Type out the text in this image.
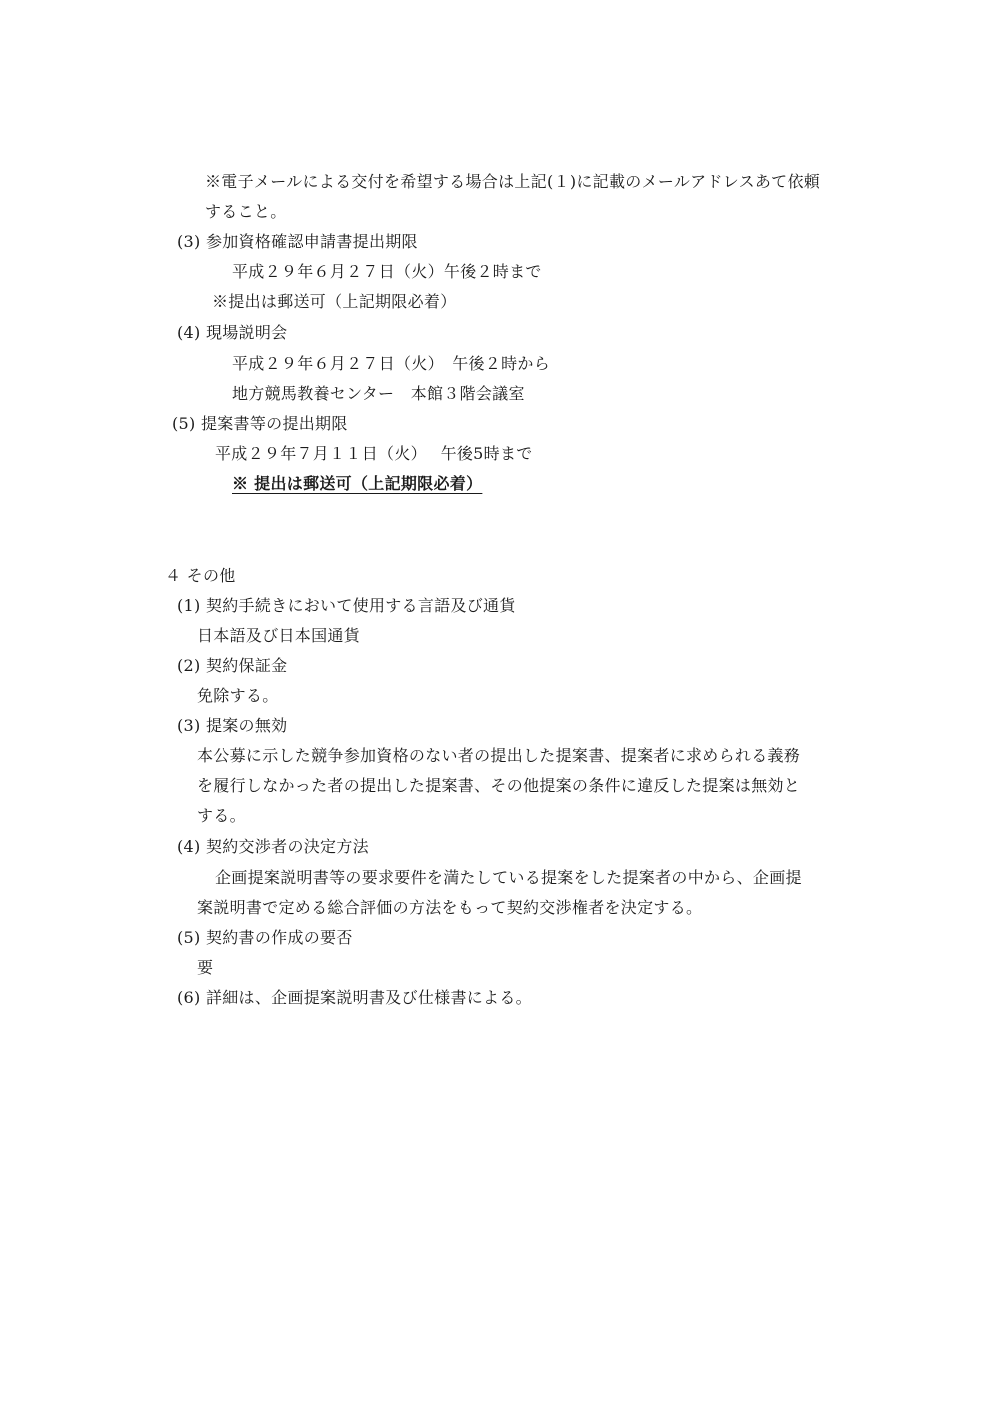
※電子メールによる交付を希望する場合は上記(１)に記載のメールアドレスあて依頼
すること。
(3) 参加資格確認申請書提出期限
平成２９年６月２７日（火）午後２時まで
※提出は郵送可（上記期限必着）
(4) 現場説明会
平成２９年６月２７日（火）　午後２時から
地方競馬教養センター　本館３階会議室
(5) 提案書等の提出期限
平成２９年７月１１日（火）　 午後5時まで
※ 提出は郵送可（上記期限必着）
４ その他
(1) 契約手続きにおいて使用する言語及び通貨
日本語及び日本国通貨
(2) 契約保証金
免除する。
(3) 提案の無効
本公募に示した競争参加資格のない者の提出した提案書、提案者に求められる義務
を履行しなかった者の提出した提案書、その他提案の条件に違反した提案は無効と
する。
(4) 契約交渉者の決定方法
企画提案説明書等の要求要件を満たしている提案をした提案者の中から、企画提
案説明書で定める総合評価の方法をもって契約交渉権者を決定する。
(5) 契約書の作成の要否
要
(6) 詳細は、企画提案説明書及び仕様書による。
